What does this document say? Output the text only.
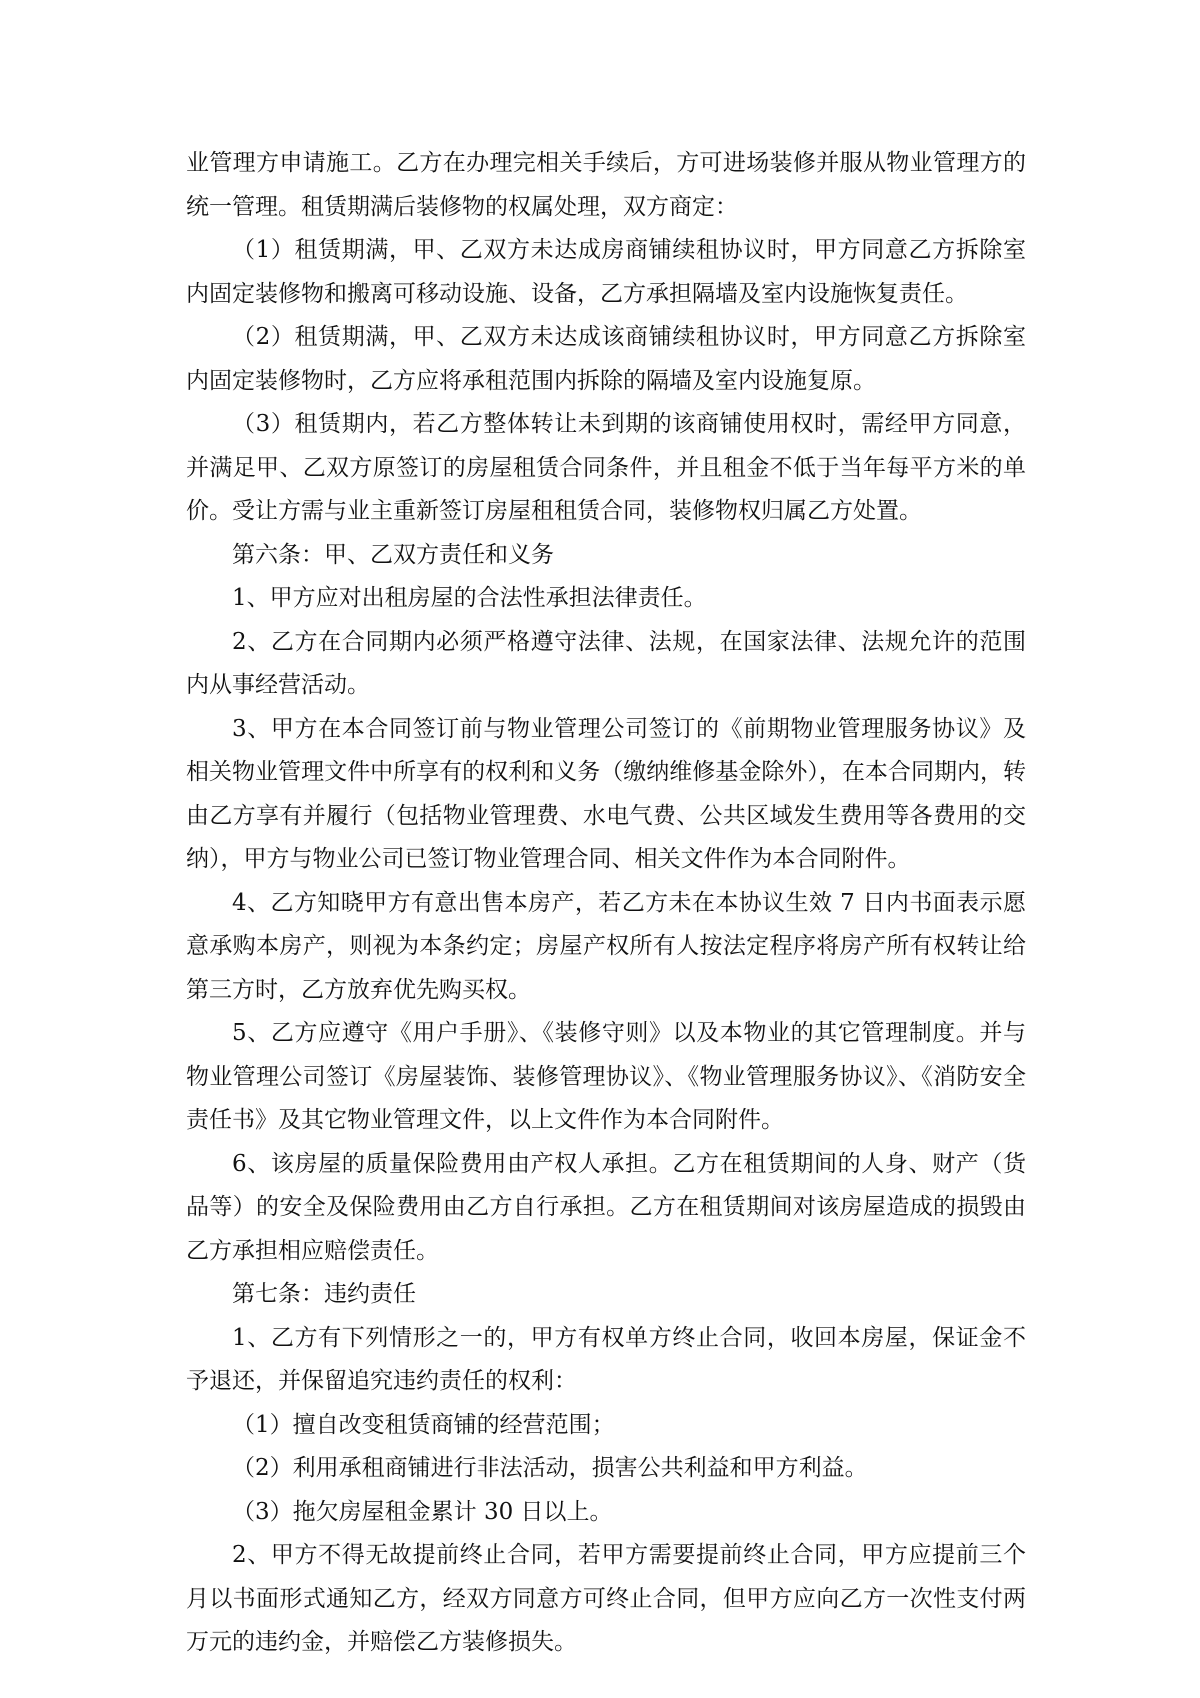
业管理方申请施工。乙方在办理完相关手续后，方可进场装修并服从物业管理方的统一管理。租赁期满后装修物的权属处理，双方商定：

（1）租赁期满，甲、乙双方未达成房商铺续租协议时，甲方同意乙方拆除室内固定装修物和搬离可移动设施、设备，乙方承担隔墙及室内设施恢复责任。

（2）租赁期满，甲、乙双方未达成该商铺续租协议时，甲方同意乙方拆除室内固定装修物时，乙方应将承租范围内拆除的隔墙及室内设施复原。

（3）租赁期内，若乙方整体转让未到期的该商铺使用权时，需经甲方同意，并满足甲、乙双方原签订的房屋租赁合同条件，并且租金不低于当年每平方米的单价。受让方需与业主重新签订房屋租租赁合同，装修物权归属乙方处置。

第六条：甲、乙双方责任和义务

1、甲方应对出租房屋的合法性承担法律责任。

2、乙方在合同期内必须严格遵守法律、法规，在国家法律、法规允许的范围内从事经营活动。

3、甲方在本合同签订前与物业管理公司签订的《前期物业管理服务协议》及相关物业管理文件中所享有的权利和义务（缴纳维修基金除外），在本合同期内，转由乙方享有并履行（包括物业管理费、水电气费、公共区域发生费用等各费用的交纳），甲方与物业公司已签订物业管理合同、相关文件作为本合同附件。

4、乙方知晓甲方有意出售本房产，若乙方未在本协议生效 7 日内书面表示愿意承购本房产，则视为本条约定；房屋产权所有人按法定程序将房产所有权转让给第三方时，乙方放弃优先购买权。

5、乙方应遵守《用户手册》、《装修守则》以及本物业的其它管理制度。并与物业管理公司签订《房屋装饰、装修管理协议》、《物业管理服务协议》、《消防安全责任书》及其它物业管理文件，以上文件作为本合同附件。

6、该房屋的质量保险费用由产权人承担。乙方在租赁期间的人身、财产（货品等）的安全及保险费用由乙方自行承担。乙方在租赁期间对该房屋造成的损毁由乙方承担相应赔偿责任。

第七条：违约责任

1、乙方有下列情形之一的，甲方有权单方终止合同，收回本房屋，保证金不予退还，并保留追究违约责任的权利：

（1）擅自改变租赁商铺的经营范围；

（2）利用承租商铺进行非法活动，损害公共利益和甲方利益。

（3）拖欠房屋租金累计 30 日以上。

2、甲方不得无故提前终止合同，若甲方需要提前终止合同，甲方应提前三个月以书面形式通知乙方，经双方同意方可终止合同，但甲方应向乙方一次性支付两万元的违约金，并赔偿乙方装修损失。
